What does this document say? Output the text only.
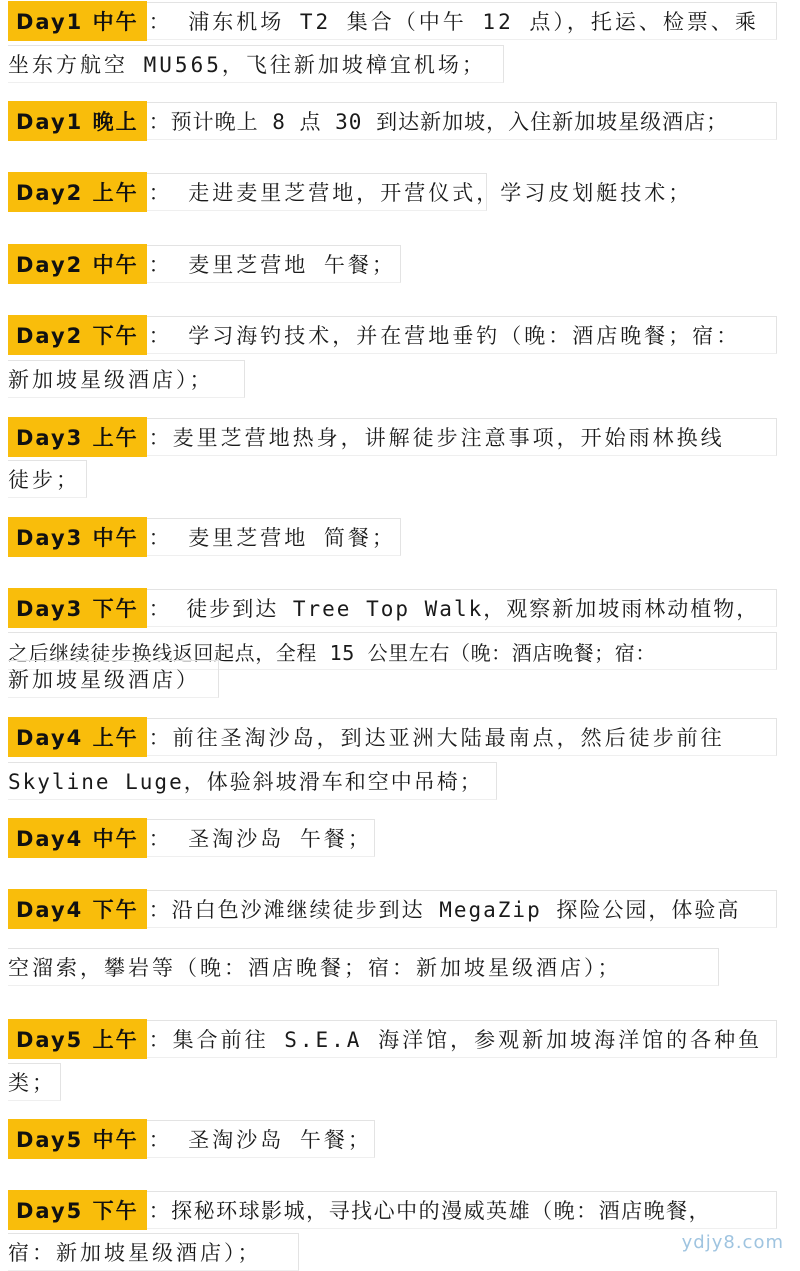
Day1 中午 ： 浦东机场 T2 集合（中午 12 点），托运、检票、乘
坐东方航空 MU565，飞往新加坡樟宜机场；
Day1 晚上 ：预计晚上 8 点 30 到达新加坡，入住新加坡星级酒店；
Day2 上午 ： 走进麦里芝营地，开营仪式，学习皮划艇技术；
Day2 中午 ： 麦里芝营地 午餐；
Day2 下午 ： 学习海钓技术，并在营地垂钓（晚：酒店晚餐；宿：
新加坡星级酒店）；
Day3 上午 ：麦里芝营地热身，讲解徒步注意事项，开始雨林换线
徒步；
Day3 中午 ： 麦里芝营地 简餐；
Day3 下午 ： 徒步到达 Tree Top Walk，观察新加坡雨林动植物，
之后继续徒步换线返回起点，全程 15 公里左右（晚：酒店晚餐；宿：
新加坡星级酒店）
Day4 上午 ：前往圣淘沙岛，到达亚洲大陆最南点，然后徒步前往
Skyline Luge，体验斜坡滑车和空中吊椅；
Day4 中午 ： 圣淘沙岛 午餐；
Day4 下午 ：沿白色沙滩继续徒步到达 MegaZip 探险公园，体验高
空溜索，攀岩等（晚：酒店晚餐；宿：新加坡星级酒店）；
Day5 上午 ：集合前往 S.E.A 海洋馆，参观新加坡海洋馆的各种鱼
类；
Day5 中午 ： 圣淘沙岛 午餐；
Day5 下午 ：探秘环球影城，寻找心中的漫威英雄（晚：酒店晚餐，
宿：新加坡星级酒店）；	ydjy8.com
